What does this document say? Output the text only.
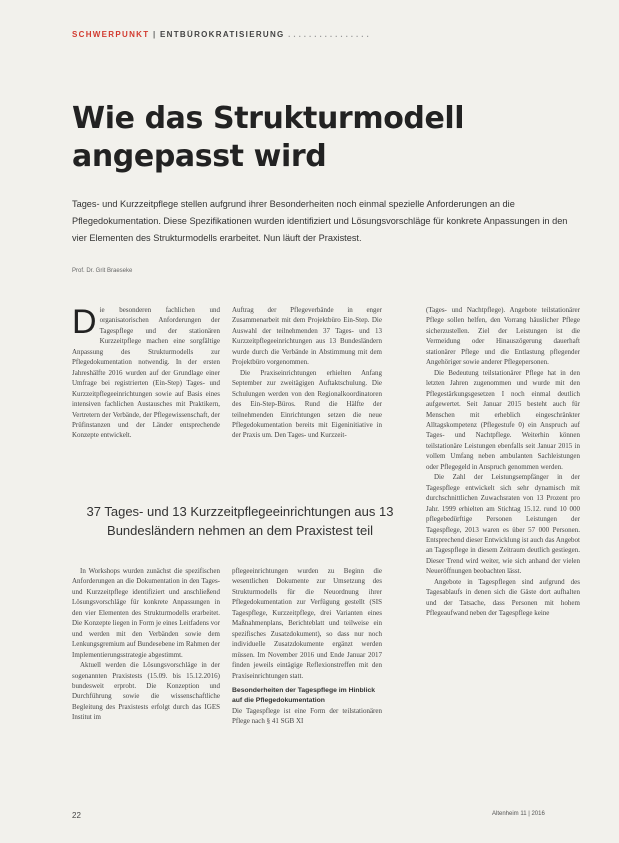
SCHWERPUNKT | ENTBÜROKRATISIERUNG ................
Wie das Strukturmodell angepasst wird
Tages- und Kurzzeitpflege stellen aufgrund ihrer Besonderheiten noch einmal spezielle Anforderungen an die Pflegedokumentation. Diese Spezifikationen wurden identifiziert und Lösungsvorschläge für konkrete Anpassungen in den vier Elementen des Strukturmodells erarbeitet. Nun läuft der Praxistest.
Prof. Dr. Grit Braeseke
D ie besonderen fachlichen und organisatorischen Anforderungen der Tagespflege und der stationären Kurzzeitpflege machen eine sorgfältige Anpassung des Strukturmodells zur Pflegedokumentation notwendig. In der ersten Jahreshälfte 2016 wurden auf der Grundlage einer Umfrage bei registrierten (Ein-Step) Tages- und Kurzzeitpflegeeinrichtungen sowie auf Basis eines intensiven fachlichen Austausches mit Praktikern, Vertretern der Verbände, der Pflegewissenschaft, der Prüfinstanzen und der Länder entsprechende Konzepte entwickelt.

Auftrag der Pflegeverbände in enger Zusammenarbeit mit dem Projektbüro Ein-Step. Die Auswahl der teilnehmenden 37 Tages- und 13 Kurzzeitpflegeeinrichtungen aus 13 Bundesländern wurde durch die Verbände in Abstimmung mit dem Projektbüro vorgenommen.

Die Praxiseinrichtungen erhielten Anfang September zur zweitägigen Auftaktschulung. Die Schulungen werden von den Regionalkoordinatoren des Ein-Step-Büros. Rund die Hälfte der teilnehmenden Einrichtungen setzen die neue Pflegedokumentation bereits mit Eigeninitiative in der Praxis um. Den Tages- und Kurzzeit-

(Tages- und Nachtpflege). Angebote teilstationärer Pflege sollen helfen, den Vorrang häuslicher Pflege sicherzustellen. Ziel der Leistungen ist die Vermeidung oder Hinauszögerung dauerhaft stationärer Pflege und die Entlastung pflegender Angehöriger sowie anderer Pflegepersonen.

Die Bedeutung teilstationärer Pflege hat in den letzten Jahren zugenommen und wurde mit den Pflegestärkungsgesetzen I noch einmal deutlich aufgewertet. Seit Januar 2015 besteht auch für Menschen mit erheblich eingeschränkter Alltagskompetenz (Pflegestufe 0) ein Anspruch auf Tages- und Nachtpflege. Weiterhin können teilstationäre Leistungen ebenfalls seit Januar 2015 in vollem Umfang neben ambulanten Sachleistungen oder Pflegegeld in Anspruch genommen werden.

Die Zahl der Leistungsempfänger in der Tagespflege entwickelt sich sehr dynamisch mit durchschnittlichen Zuwachsraten von 13 Prozent pro Jahr. 1999 erhielten am Stichtag 15.12. rund 10 000 pflegebedürftige Personen Leistungen der Tagespflege, 2013 waren es über 57 000 Personen. Entsprechend dieser Entwicklung ist auch das Angebot an Tagespflege in diesem Zeitraum deutlich gestiegen. Dieser Trend wird weiter, wie sich anhand der vielen Neueröffnungen beobachten lässt.

Angebote in Tagespflegen sind aufgrund des Tagesablaufs in denen sich die Gäste dort aufhalten und der Tatsache, dass Personen mit hohem Pflegeaufwand neben der Tagespflege keine

37 Tages- und 13 Kurzzeitpflegeeinrichtungen aus 13 Bundesländern nehmen an dem Praxistest teil

In Workshops wurden zunächst die spezifischen Anforderungen an die Dokumentation in den Tages- und Kurzzeitpflege identifiziert und anschließend Lösungsvorschläge für konkrete Anpassungen in den vier Elementen des Strukturmodells erarbeitet. Die Konzepte liegen in Form je eines Leitfadens vor und werden mit den Verbänden sowie dem Lenkungsgremium auf Bundesebene im Rahmen der Implementierungsstrategie abgestimmt.

Aktuell werden die Lösungsvorschläge in der sogenannten Praxistests (15.09. bis 15.12.2016) bundesweit erprobt. Die Konzeption und Durchführung sowie die wissenschaftliche Begleitung des Praxistests erfolgt durch das IGES Institut im

pflegeeinrichtungen wurden zu Beginn die wesentlichen Dokumente zur Umsetzung des Strukturmodells für die Neuordnung ihrer Pflegedokumentation zur Verfügung gestellt (SIS Tagespflege, Kurzzeitpflege, drei Varianten eines Maßnahmenplans, Berichteblatt und teilweise ein spezifisches Zusatzdokument), so dass nur noch individuelle Zusatzdokumente ergänzt werden müssen. Im November 2016 und Ende Januar 2017 finden jeweils eintägige Reflexionstreffen mit den Praxiseinrichtungen statt.

Besonderheiten der Tagespflege im Hinblick auf die Pflegedokumentation

Die Tagespflege ist eine Form der teilstationären Pflege nach § 41 SGB XI

22	Altenheim 11 | 2016
